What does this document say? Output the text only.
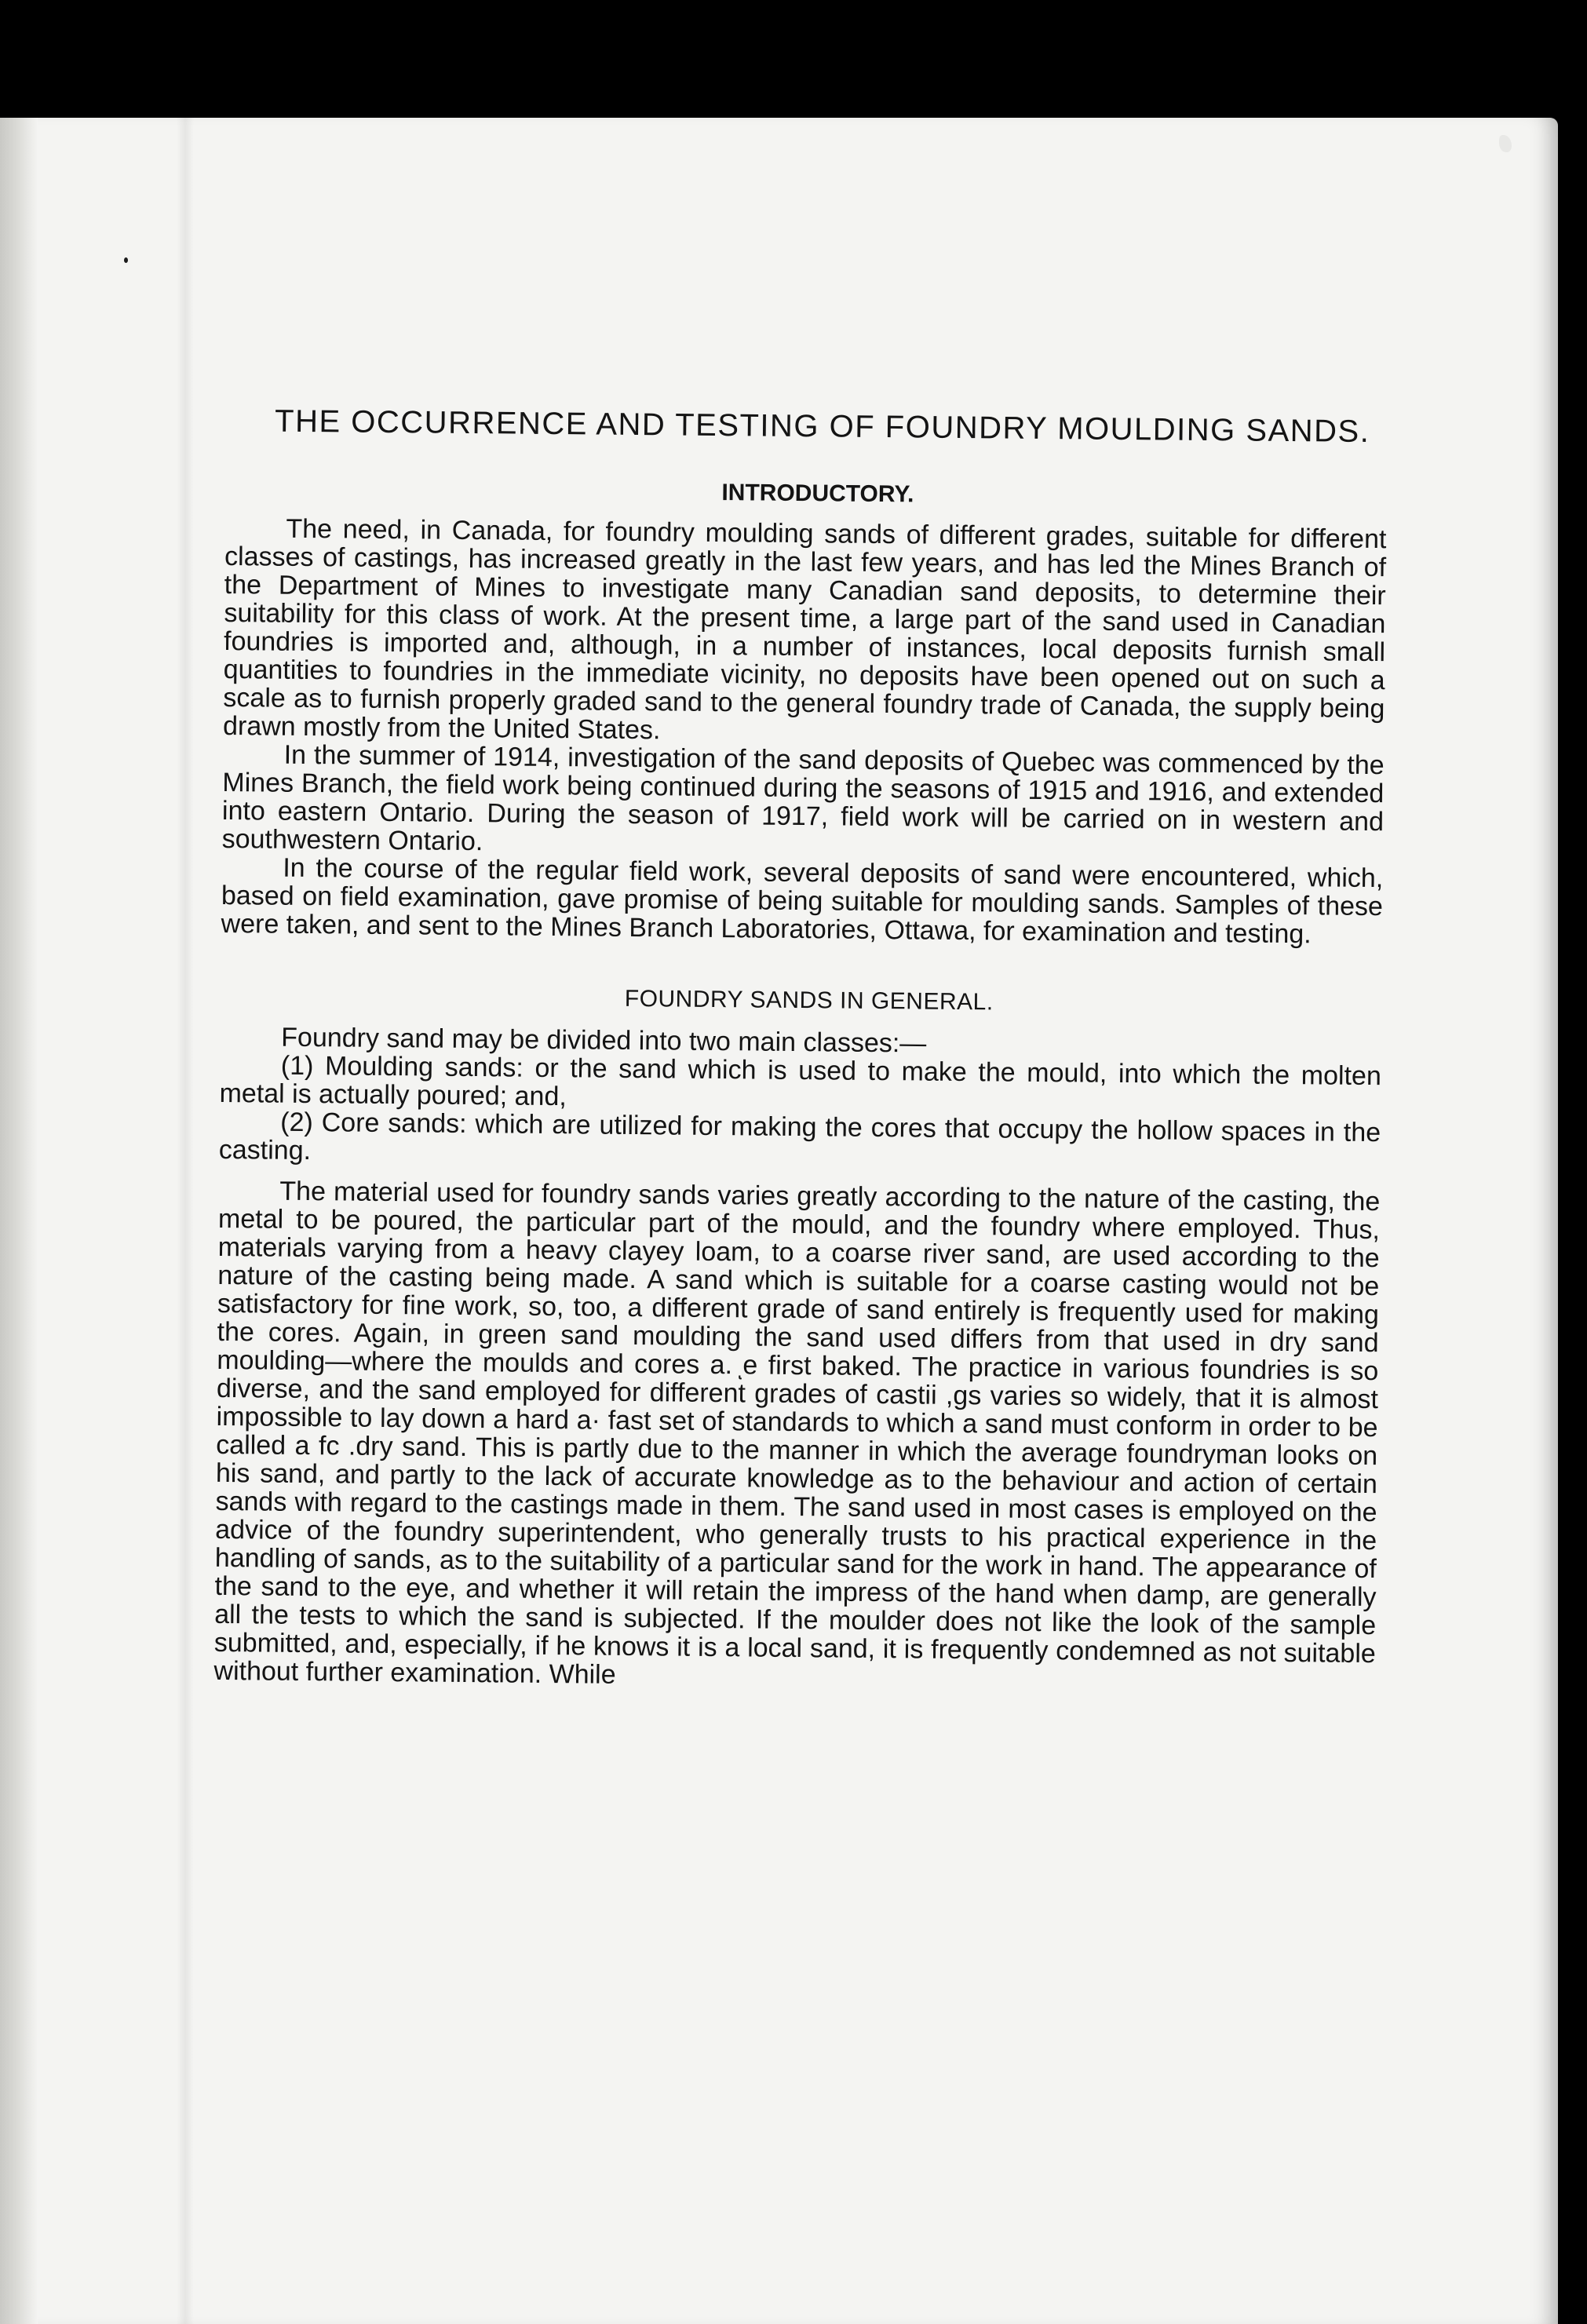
THE OCCURRENCE AND TESTING OF FOUNDRY MOULDING SANDS.
INTRODUCTORY.

The need, in Canada, for foundry moulding sands of different grades, suitable for different classes of castings, has increased greatly in the last few years, and has led the Mines Branch of the Department of Mines to investigate many Canadian sand deposits, to determine their suitability for this class of work. At the present time, a large part of the sand used in Canadian foundries is imported and, although, in a number of instances, local deposits furnish small quantities to foundries in the immediate vicinity, no deposits have been opened out on such a scale as to furnish properly graded sand to the general foundry trade of Canada, the supply being drawn mostly from the United States.

In the summer of 1914, investigation of the sand deposits of Quebec was commenced by the Mines Branch, the field work being continued during the seasons of 1915 and 1916, and extended into eastern Ontario. During the season of 1917, field work will be carried on in western and southwestern Ontario.

In the course of the regular field work, several deposits of sand were encountered, which, based on field examination, gave promise of being suitable for moulding sands. Samples of these were taken, and sent to the Mines Branch Laboratories, Ottawa, for examination and testing.

FOUNDRY SANDS IN GENERAL.

Foundry sand may be divided into two main classes:—

(1) Moulding sands: or the sand which is used to make the mould, into which the molten metal is actually poured; and,

(2) Core sands: which are utilized for making the cores that occupy the hollow spaces in the casting.

The material used for foundry sands varies greatly according to the nature of the casting, the metal to be poured, the particular part of the mould, and the foundry where employed. Thus, materials varying from a heavy clayey loam, to a coarse river sand, are used according to the nature of the casting being made. A sand which is suitable for a coarse casting would not be satisfactory for fine work, so, too, a different grade of sand entirely is frequently used for making the cores. Again, in green sand moulding the sand used differs from that used in dry sand moulding—where the moulds and cores a. ͅe first baked. The practice in various foundries is so diverse, and the sand employed for different grades of castii ,gs varies so widely, that it is almost impossible to lay down a hard a· fast set of standards to which a sand must conform in order to be called a fc .dry sand. This is partly due to the manner in which the average foundryman looks on his sand, and partly to the lack of accurate knowledge as to the behaviour and action of certain sands with regard to the castings made in them. The sand used in most cases is employed on the advice of the foundry superintendent, who generally trusts to his practical experience in the handling of sands, as to the suitability of a particular sand for the work in hand. The appearance of the sand to the eye, and whether it will retain the impress of the hand when damp, are generally all the tests to which the sand is subjected. If the moulder does not like the look of the sample submitted, and, especially, if he knows it is a local sand, it is frequently condemned as not suitable without further examination. While
